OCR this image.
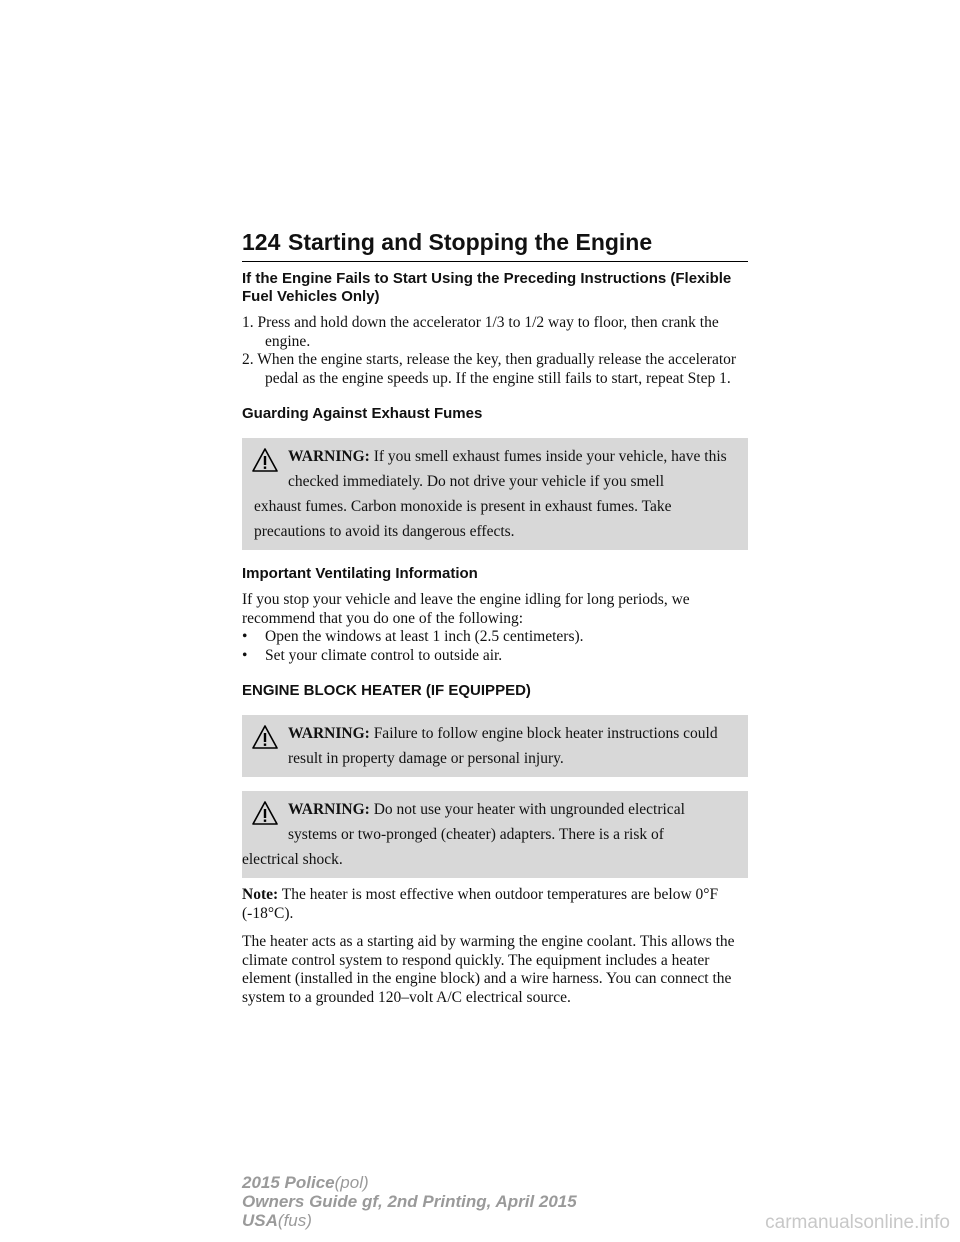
124 Starting and Stopping the Engine
If the Engine Fails to Start Using the Preceding Instructions (Flexible Fuel Vehicles Only)
1. Press and hold down the accelerator 1/3 to 1/2 way to floor, then crank the engine.
2. When the engine starts, release the key, then gradually release the accelerator pedal as the engine speeds up. If the engine still fails to start, repeat Step 1.
Guarding Against Exhaust Fumes
WARNING: If you smell exhaust fumes inside your vehicle, have this checked immediately. Do not drive your vehicle if you smell
exhaust fumes. Carbon monoxide is present in exhaust fumes. Take precautions to avoid its dangerous effects.
Important Ventilating Information

If you stop your vehicle and leave the engine idling for long periods, we recommend that you do one of the following:

• Open the windows at least 1 inch (2.5 centimeters).
• Set your climate control to outside air.
ENGINE BLOCK HEATER (IF EQUIPPED)
WARNING: Failure to follow engine block heater instructions could result in property damage or personal injury.
WARNING: Do not use your heater with ungrounded electrical systems or two-pronged (cheater) adapters. There is a risk of
electrical shock.

Note: The heater is most effective when outdoor temperatures are below 0°F (-18°C).

The heater acts as a starting aid by warming the engine coolant. This allows the climate control system to respond quickly. The equipment includes a heater element (installed in the engine block) and a wire harness. You can connect the system to a grounded 120–volt A/C electrical source.

2015 Police(pol)
Owners Guide gf, 2nd Printing, April 2015
USA(fus)	carmanualsonline.info
